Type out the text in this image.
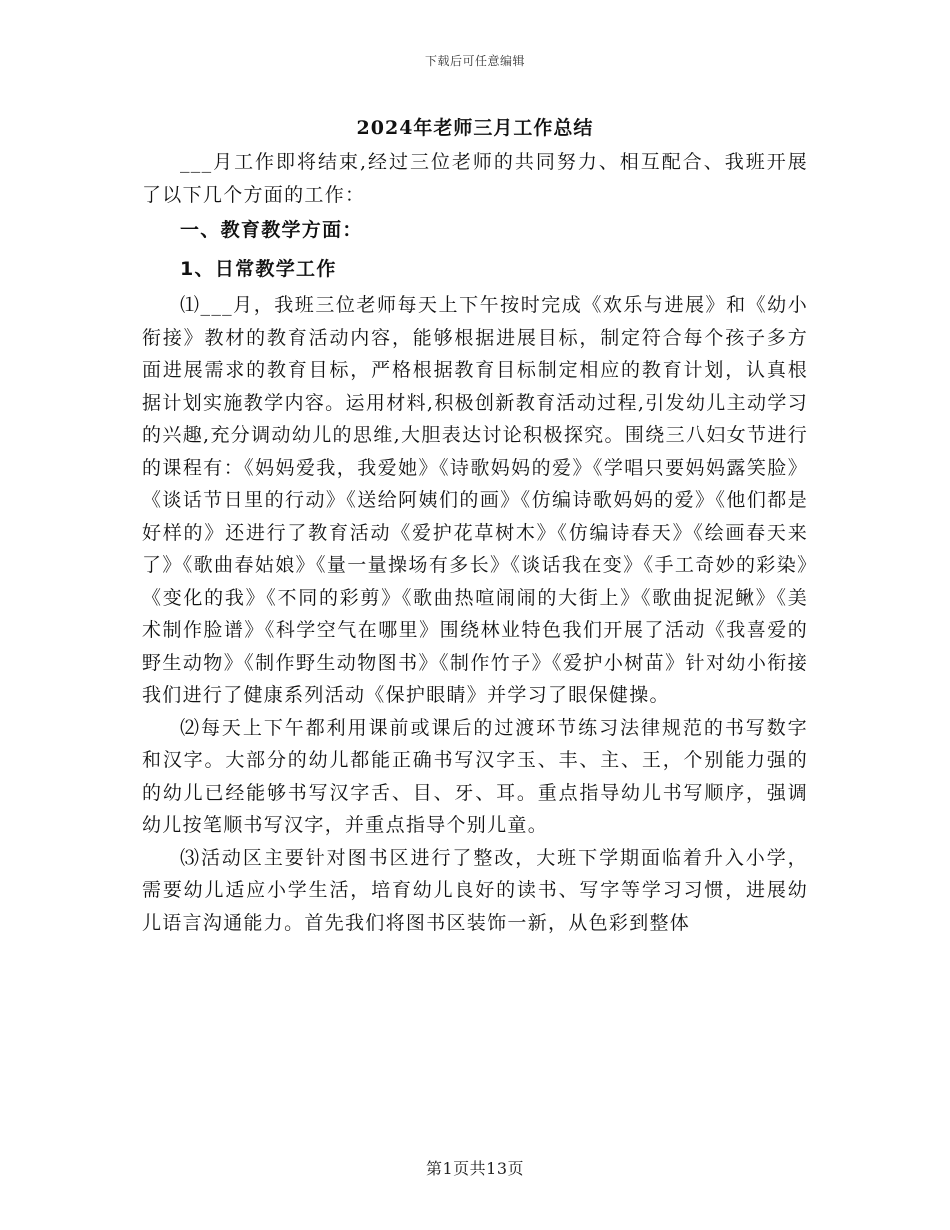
下载后可任意编辑
2024年老师三月工作总结

___月工作即将结束,经过三位老师的共同努力、相互配合、我班开展了以下几个方面的工作：

一、教育教学方面：

1、日常教学工作

⑴___月，我班三位老师每天上下午按时完成《欢乐与进展》和《幼小衔接》教材的教育活动内容，能够根据进展目标，制定符合每个孩子多方面进展需求的教育目标，严格根据教育目标制定相应的教育计划，认真根据计划实施教学内容。运用材料,积极创新教育活动过程,引发幼儿主动学习的兴趣,充分调动幼儿的思维,大胆表达讨论积极探究。围绕三八妇女节进行的课程有：《妈妈爱我，我爱她》《诗歌妈妈的爱》《学唱只要妈妈露笑脸》《谈话节日里的行动》《送给阿姨们的画》《仿编诗歌妈妈的爱》《他们都是好样的》还进行了教育活动《爱护花草树木》《仿编诗春天》《绘画春天来了》《歌曲春姑娘》《量一量操场有多长》《谈话我在变》《手工奇妙的彩染》《变化的我》《不同的彩剪》《歌曲热喧闹闹的大街上》《歌曲捉泥鳅》《美术制作脸谱》《科学空气在哪里》围绕林业特色我们开展了活动《我喜爱的野生动物》《制作野生动物图书》《制作竹子》《爱护小树苗》针对幼小衔接我们进行了健康系列活动《保护眼睛》并学习了眼保健操。

⑵每天上下午都利用课前或课后的过渡环节练习法律规范的书写数字和汉字。大部分的幼儿都能正确书写汉字玉、丰、主、王，个别能力强的的幼儿已经能够书写汉字舌、目、牙、耳。重点指导幼儿书写顺序，强调幼儿按笔顺书写汉字，并重点指导个别儿童。

⑶活动区主要针对图书区进行了整改，大班下学期面临着升入小学，需要幼儿适应小学生活，培育幼儿良好的读书、写字等学习习惯，进展幼儿语言沟通能力。首先我们将图书区装饰一新，从色彩到整体

第1页共13页
